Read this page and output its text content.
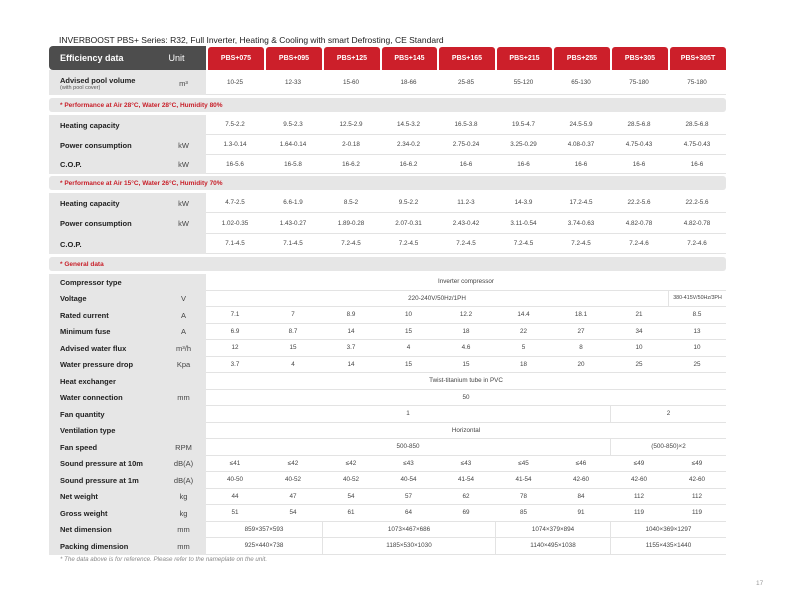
INVERBOOST PBS+ Series: R32, Full Inverter, Heating & Cooling with smart Defrosting, CE Standard
Efficiency data	Unit	PBS+075	PBS+095	PBS+125	PBS+145	PBS+165	PBS+215	PBS+255	PBS+305	PBS+305T

Advised pool volume
(with pool cover)	m³	10-25	12-33	15-60	18-66	25-85	55-120	65-130	75-180	75-180

* Performance at Air 28°C, Water 28°C, Humidity 80%										

Heating capacity		7.5-2.2	9.5-2.3	12.5-2.9	14.5-3.2	16.5-3.8	19.5-4.7	24.5-5.9	28.5-6.8	28.5-6.8
Power consumption	kW	1.3-0.14	1.64-0.14	2-0.18	2.34-0.2	2.75-0.24	3.25-0.29	4.08-0.37	4.75-0.43	4.75-0.43
C.O.P.	kW	16-5.6	16-5.8	16-6.2	16-6.2	16-6	16-6	16-6	16-6	16-6

* Performance at Air 15°C, Water 26°C, Humidity 70%										

Heating capacity	kW	4.7-2.5	6.6-1.9	8.5-2	9.5-2.2	11.2-3	14-3.9	17.2-4.5	22.2-5.6	22.2-5.6
Power consumption	kW	1.02-0.35	1.43-0.27	1.89-0.28	2.07-0.31	2.43-0.42	3.11-0.54	3.74-0.63	4.82-0.78	4.82-0.78
C.O.P.		7.1-4.5	7.1-4.5	7.2-4.5	7.2-4.5	7.2-4.5	7.2-4.5	7.2-4.5	7.2-4.6	7.2-4.6

* General data										

Compressor type		Inverter compressor								
Voltage	V	220-240V/50Hz/1PH								380-415V/50Hz/3PH
Rated current	A	7.1	7	8.9	10	12.2	14.4	18.1	21	8.5
Minimum fuse	A	6.9	8.7	14	15	18	22	27	34	13
Advised water flux	m³/h	12	15	3.7	4	4.6	5	8	10	10
Water pressure drop	Kpa	3.7	4	14	15	15	18	20	25	25
Heat exchanger		Twist-titanium tube in PVC								
Water connection	mm	50								
Fan quantity		1							2	
Ventilation type		Horizontal								
Fan speed	RPM	500-850							(500-850)×2	
Sound pressure at 10m	dB(A)	≤41	≤42	≤42	≤43	≤43	≤45	≤46	≤49	≤49
Sound pressure at 1m	dB(A)	40-50	40-52	40-52	40-54	41-54	41-54	42-60	42-60	42-60
Net weight	kg	44	47	54	57	62	78	84	112	112
Gross weight	kg	51	54	61	64	69	85	91	119	119
Net dimension	mm	859×357×593		1073×467×686			1074×379×894		1040×369×1297	
Packing dimension	mm	925×440×738		1185×530×1030			1140×495×1038		1155×435×1440	
* The data above is for reference. Please refer to the nameplate on the unit.
17
